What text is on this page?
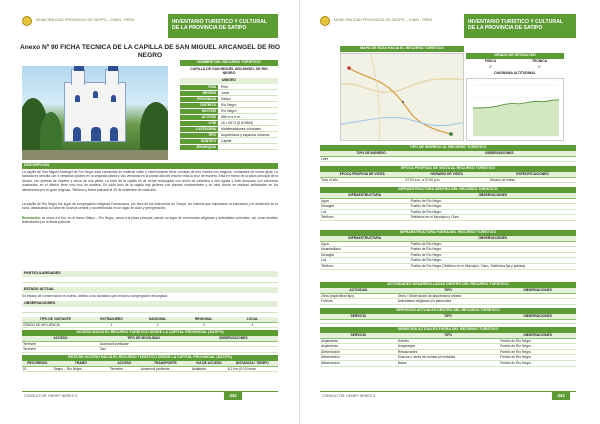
MUNICIPALIDAD PROVINCIAL DE SATIPO – JUNIN - PERU	INVENTARIO TURISTICO Y CULTURAL
DE LA PROVINCIA DE SATIPO
Anexo Nº 90 FICHA TECNICA DE LA CAPILLA DE SAN MIGUEL ARCANGEL DE RIO
NEGRO
NOMBRE DEL RECURSO TURISTICO
CAPILLA DE SAN MIGUEL ARCANGEL DE RIO
NEGRO
UBIGEO
PAIS	Perú
REGION	Junín
PROVINCIA	Satipo
DISTRITO	Río Negro
SECTOR	Río Negro
ALTITUD	686 m.s.n.m.
UTM	18 L 0573 (8 874894)
CATEGORIA	Manifestaciones culturales
TIPO	Arquitectura y espacios urbanos
SUBTIPO	Capilla
JERARQUIA
DESCRIPCION
La capilla de San Miguel Arcángel de Río Negro está construida de material noble y exteriormente tiene cornisas de tres niveles con ángulos, ventanales de forma ojival. La fachada es sencilla con 4 ventanas ojivales en la segunda planta y dos ventanas en la planta alta del entorno más la cruz de madera. Está en medio de la plaza principal de la ciudad, con puertas de madera y cerca de una pileta. La torre de la capilla es de forma rectangular con techo de calamina a dos aguas y está decorada con columnas cuadradas, en el interior tiene una cruz de madera. En cada lado de la capilla hay jardines con plantas ornamentales y un atrio donde se realizan actividades en los alrededores por su gran religiosa. Teléfono y fecha patronal el 29 de setiembre de cada año.
La capilla de Río Negro fue lugar de congregación religiosa Franciscana, por obra de los misioneros de Ocopa, los mismos que impulsaron la educación y el desarrollo en la zona, destacando su labor en la selva central y convirtiéndola en un lugar de culto y peregrinación.
Recreación: se ubica a 6 Km. en el tramo Satipo – Río Negro, cerca a la plaza principal, siendo un lugar de ceremonias religiosas y actividades culturales, así como también festividades por la fiesta patronal.
PARTICULARIDADES
ESTADO ACTUAL
Su estado de conservación es bueno, debido a los cuidados que brinda la congregación encargada.
OBSERVACIONES
TIPO DE VISITANTE	EXTRANJERO	NACIONAL	REGIONAL	LOCAL
GRADO DE AFLUENCIA	1	2	3	4
ACCESO HACIA EL RECURSO TURISTICO DESDE LA CAPITAL PROVINCIAL (SATIPO)
ACCESO	TIPO DE MOVILIDAD	OBSERVACIONES
Terrestre	Automóvil particular	
Terrestre	Taxi	
RUTA DE ACCESO HACIA EL RECURSO TURISTICO DESDE LA CAPITAL PROVINCIAL (SATIPO)
RECORRIDO	TRAMO	ACCESO	TRANSPORTE	VIA DE ACCESO	DISTANCIA / TIEMPO
01	Satipo – Río Negro	Terrestre	Automóvil particular	Asfaltada	6,2 Km (0:10 horas
CONSULTOR: HENRY NERES S.	342
MUNICIPALIDAD PROVINCIAL DE SATIPO – JUNIN - PERU	INVENTARIO TURISTICO Y CULTURAL
DE LA PROVINCIA DE SATIPO
MAPA DE RUTA HACIA EL RECURSO TURISTICO
GRADO DE DIFICULTAD
FISICA	TECNICA
1º	1º
DIAGRAMA ALTITUDINAL
TIPO DE INGRESO AL RECURSO TURISTICO
TIPO DE INGRESO	OBSERVACIONES
Libre	
EPOCA PROPICIA DE VISITA AL RECURSO TURISTICO
EPOCA PROPICIA DE VISITA	HORARIO DE VISITA	ESPECIFICACIONES
Todo el año	07:00 a.m. a 07:00 p.m.	Horario de misas
INFRAESTRUCTURA DENTRO DEL RECURSO TURISTICO
INFRAESTRUCTURA	OBSERVACIONES
Agua	Pueblo de Río Negro
Desagüe	Pueblo de Río Negro
Luz	Pueblo de Río Negro
Teléfono	Teléfonos en el Municipio y Claro
INFRAESTRUCTURA FUERA DEL RECURSO TURISTICO
INFRAESTRUCTURA	OBSERVACIONES
Agua	Pueblo de Río Negro
Alcantarillado	Pueblo de Río Negro
Desagüe	Pueblo de Río Negro
Luz	Pueblo de Río Negro
Teléfono	Pueblo de Río Negro (Teléfono en el Municipio, Claro, Telefónica fija y pública)
ACTIVIDADES DESARROLLADAS DENTRO DEL RECURSO TURISTICO
ACTIVIDAD	TIPO	OBSERVACIONES
Otros (especificar tipo)	Otros / Observación de arquitectura urbana	
Folclore	Actividades religiosas y/o patronales	
SERVICIOS ACTUALES DENTRO DEL RECURSO TURISTICO
SERVICIO	TIPO	OBSERVACIONES
SERVICIOS ACTUALES FUERA DEL RECURSO TURISTICO
SERVICIO	TIPO	OBSERVACIONES
Alojamiento	Hoteles	Pueblo de Río Negro
Alojamiento	Hospedajes	Pueblo de Río Negro
Alimentación	Restaurantes	Pueblo de Río Negro
Alimentación	Kioscos o venta de comida y/o bebidas	Pueblo de Río Negro
Alimentación	Bares	Pueblo de Río Negro
CONSULTOR: HENRY NERES S.	343
